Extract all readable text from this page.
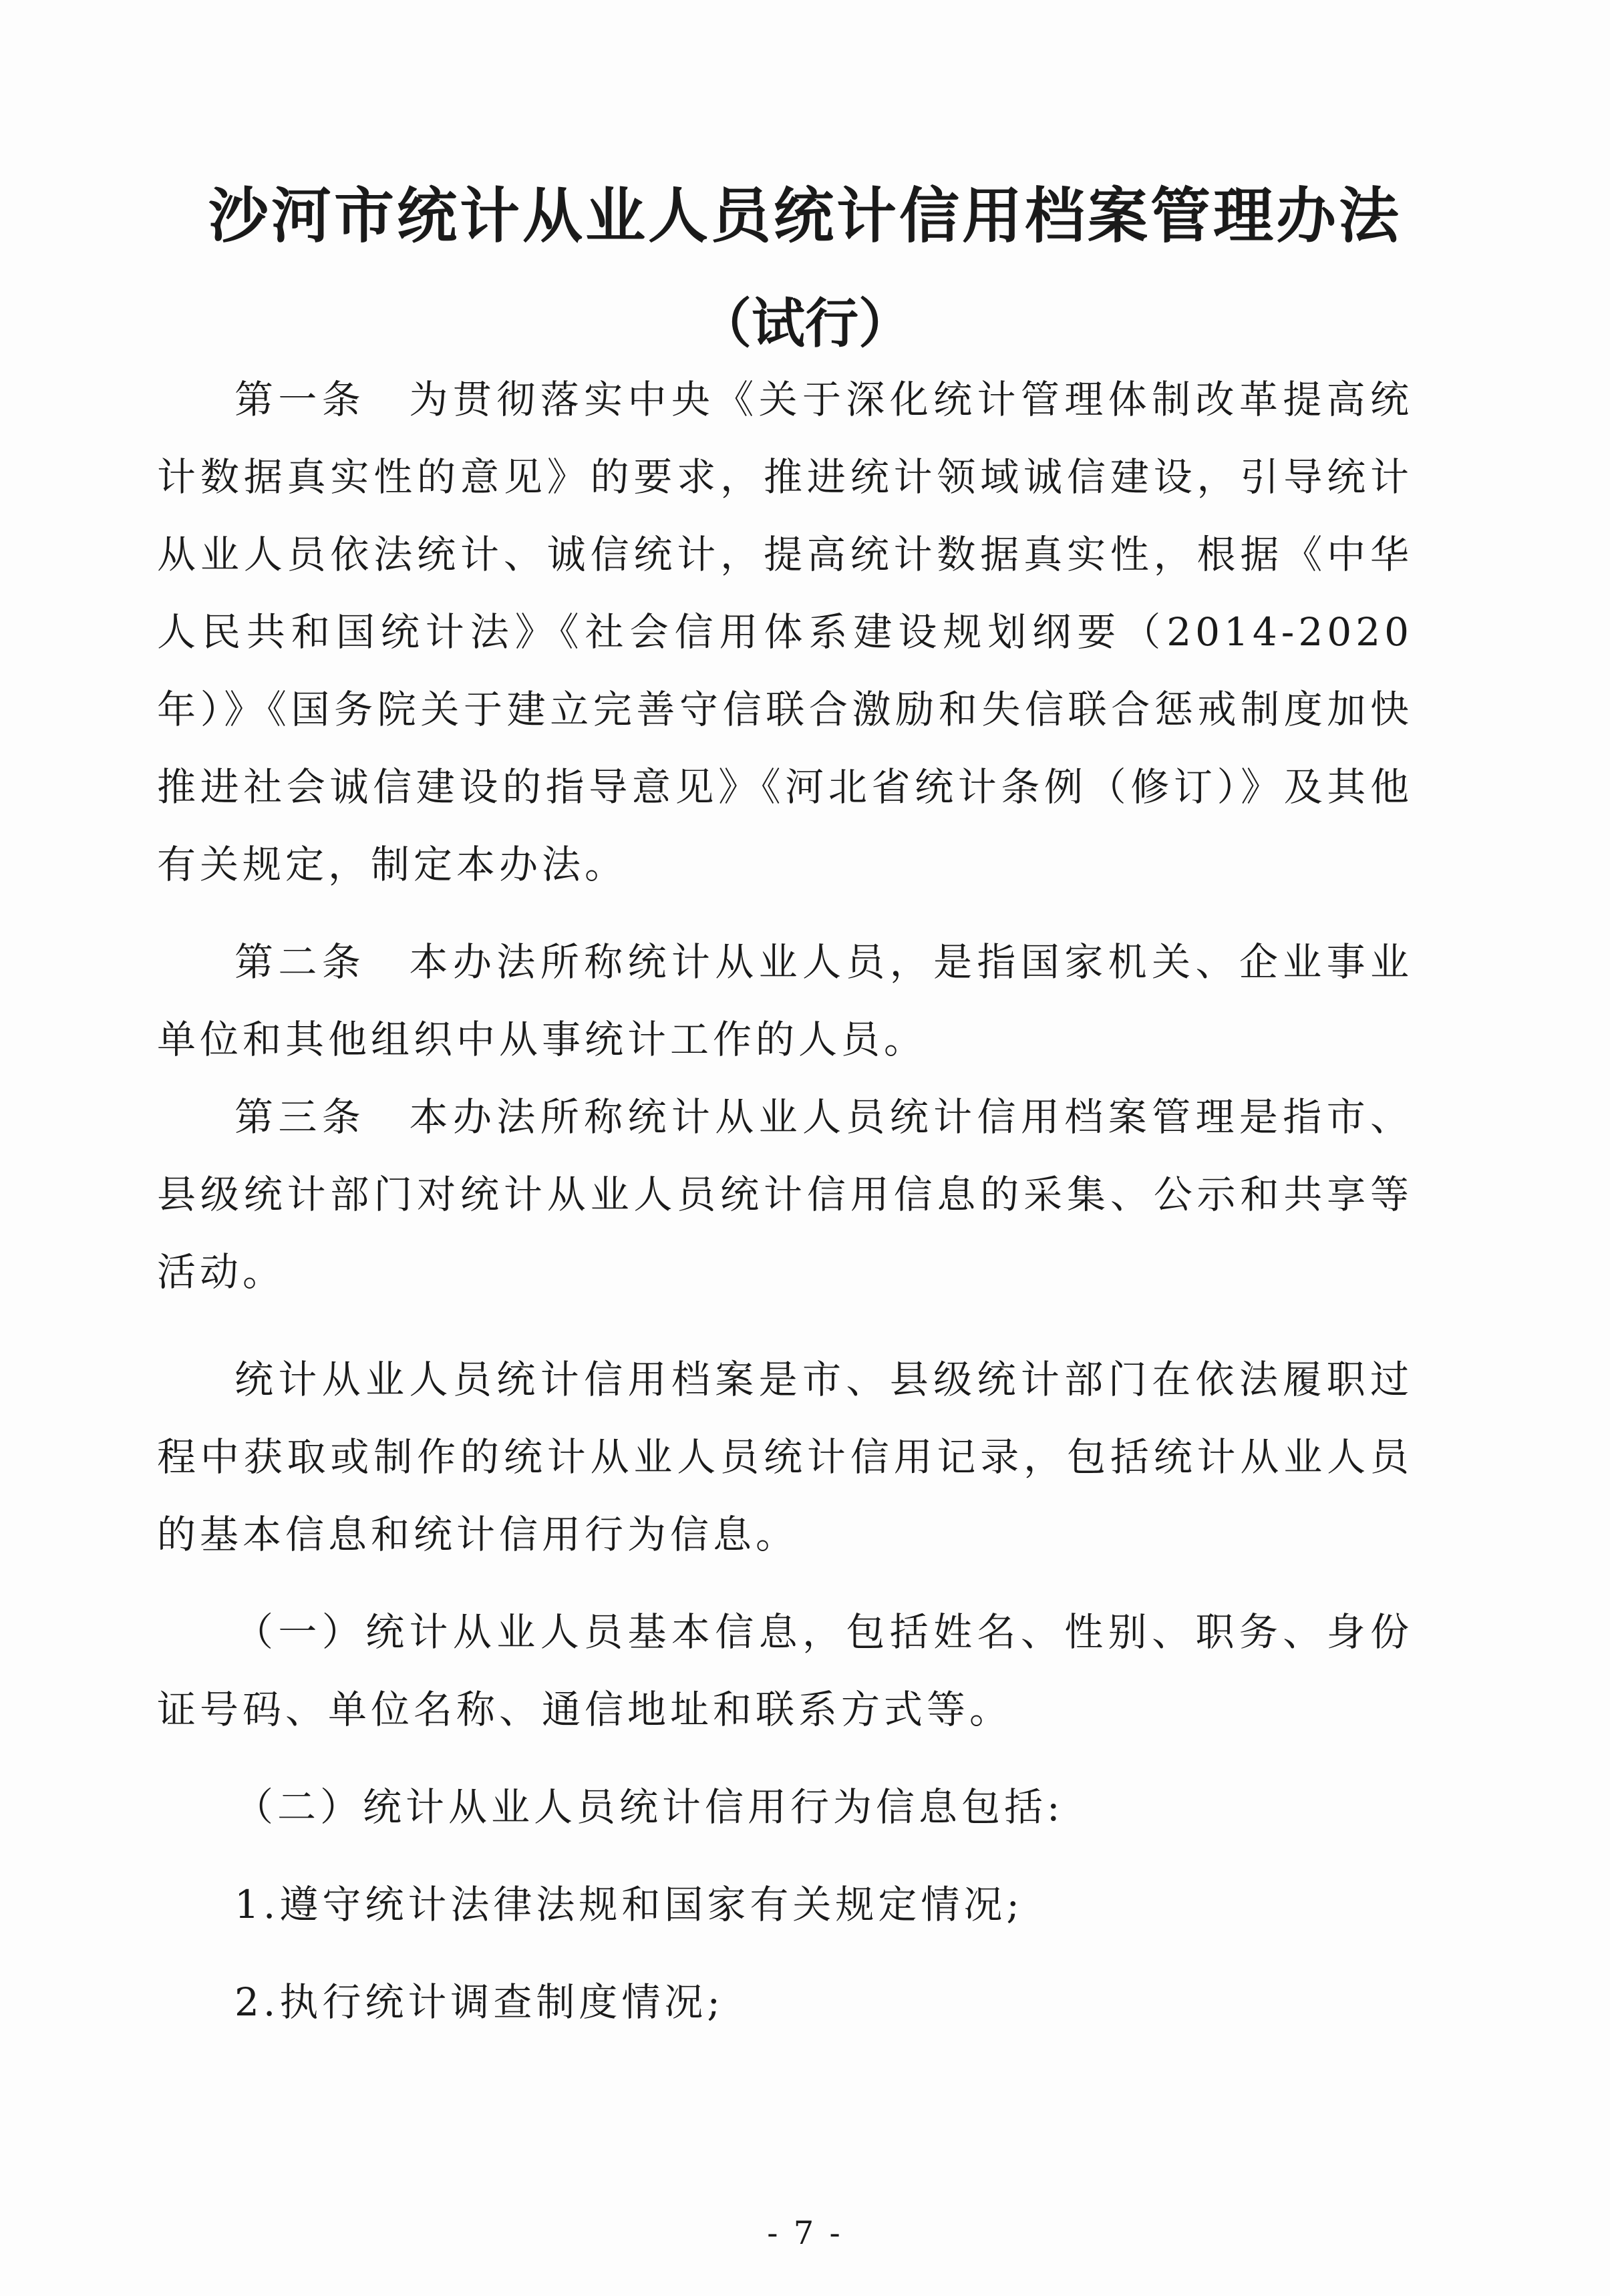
沙河市统计从业人员统计信用档案管理办法
（试行）

第一条　为贯彻落实中央《关于深化统计管理体制改革提高统计数据真实性的意见》的要求，推进统计领域诚信建设，引导统计从业人员依法统计、诚信统计，提高统计数据真实性，根据《中华人民共和国统计法》《社会信用体系建设规划纲要（2014-2020年）》《国务院关于建立完善守信联合激励和失信联合惩戒制度加快推进社会诚信建设的指导意见》《河北省统计条例（修订）》及其他有关规定，制定本办法。

第二条　本办法所称统计从业人员，是指国家机关、企业事业单位和其他组织中从事统计工作的人员。

第三条　本办法所称统计从业人员统计信用档案管理是指市、县级统计部门对统计从业人员统计信用信息的采集、公示和共享等活动。

统计从业人员统计信用档案是市、县级统计部门在依法履职过程中获取或制作的统计从业人员统计信用记录，包括统计从业人员的基本信息和统计信用行为信息。

（一）统计从业人员基本信息，包括姓名、性别、职务、身份证号码、单位名称、通信地址和联系方式等。

（二）统计从业人员统计信用行为信息包括:

1.遵守统计法律法规和国家有关规定情况;

2.执行统计调查制度情况;

- 7 -
